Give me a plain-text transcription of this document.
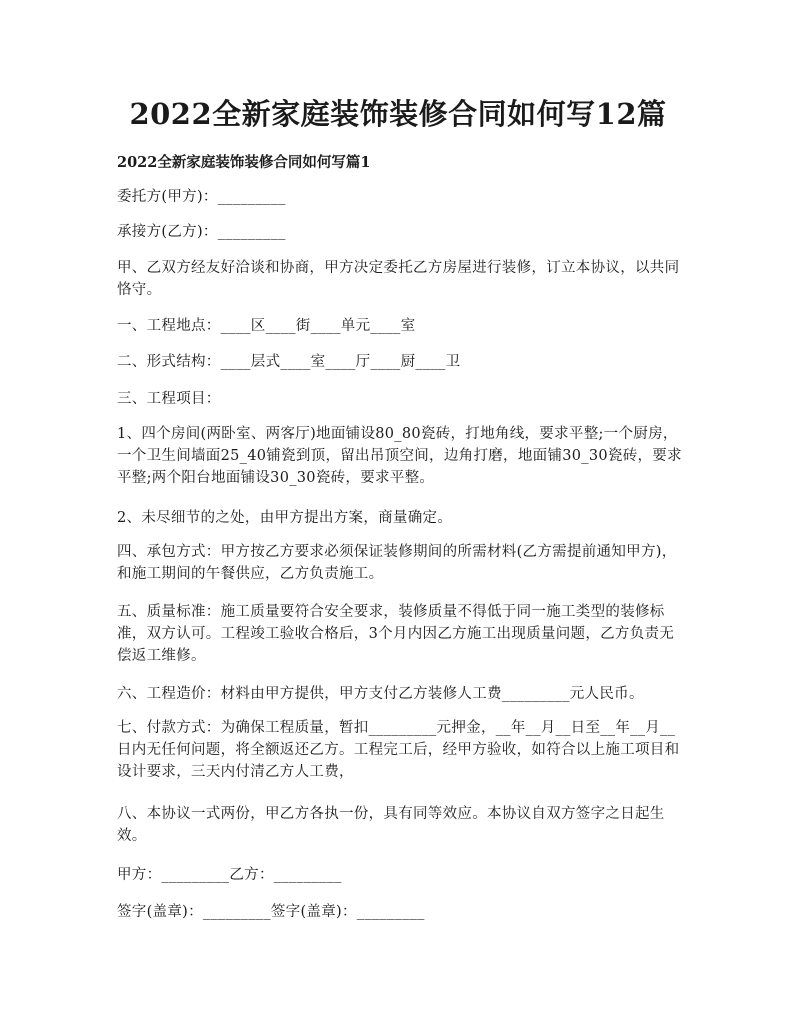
2022全新家庭装饰装修合同如何写12篇
2022全新家庭装饰装修合同如何写篇1
委托方(甲方)：_________
承接方(乙方)：_________
甲、乙双方经友好洽谈和协商，甲方决定委托乙方房屋进行装修，订立本协议，以共同恪守。
一、工程地点：____区____街____单元____室
二、形式结构：____层式____室____厅____厨____卫
三、工程项目：
1、四个房间(两卧室、两客厅)地面铺设80_80瓷砖，打地角线，要求平整;一个厨房，一个卫生间墙面25_40铺瓷到顶，留出吊顶空间，边角打磨，地面铺30_30瓷砖，要求平整;两个阳台地面铺设30_30瓷砖，要求平整。
2、未尽细节的之处，由甲方提出方案，商量确定。
四、承包方式：甲方按乙方要求必须保证装修期间的所需材料(乙方需提前通知甲方)，和施工期间的午餐供应，乙方负责施工。
五、质量标准：施工质量要符合安全要求，装修质量不得低于同一施工类型的装修标准，双方认可。工程竣工验收合格后，3个月内因乙方施工出现质量问题，乙方负责无偿返工维修。
六、工程造价：材料由甲方提供，甲方支付乙方装修人工费_________元人民币。
七、付款方式：为确保工程质量，暂扣_________元押金，__年__月__日至__年__月__日内无任何问题，将全额返还乙方。工程完工后，经甲方验收，如符合以上施工项目和设计要求，三天内付清乙方人工费，
八、本协议一式两份，甲乙方各执一份，具有同等效应。本协议自双方签字之日起生效。
甲方：_________乙方：_________
签字(盖章)：_________签字(盖章)：_________
